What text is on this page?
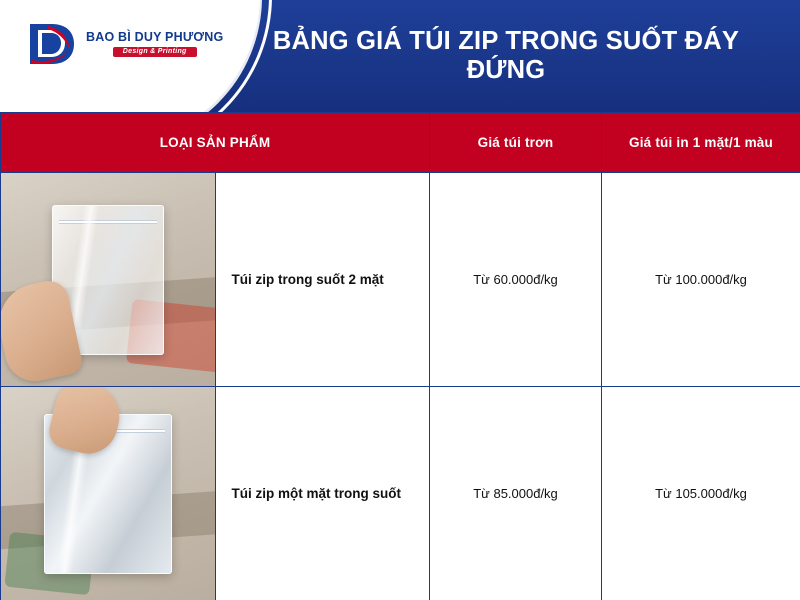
BAO BÌ DUY PHƯƠNG
Design & Printing	BẢNG GIÁ TÚI ZIP TRONG SUỐT ĐÁY ĐỨNG
LOẠI SẢN PHẨM		Giá túi trơn	Giá túi in 1 mặt/1 màu

	Túi zip trong suốt 2 mặt	Từ 60.000đ/kg	Từ 100.000đ/kg

	Túi zip một mặt trong suốt	Từ 85.000đ/kg	Từ 105.000đ/kg
